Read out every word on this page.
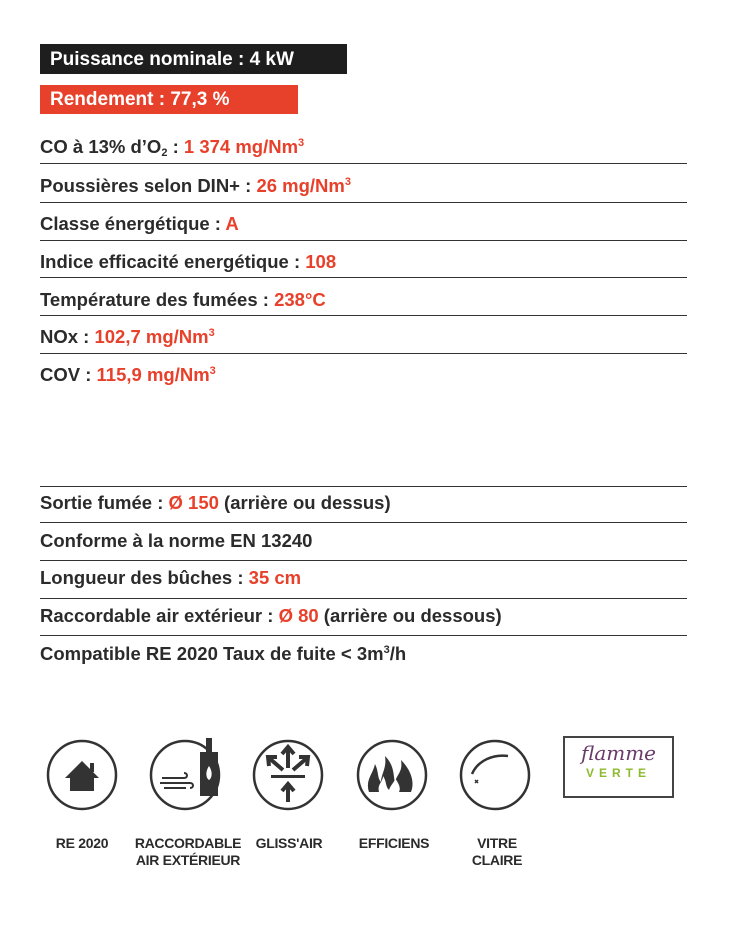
Puissance nominale : 4 kW
Rendement : 77,3 %
CO à 13% $d’O_2$ : 1 374 mg/Nm$^3$
Poussières selon DIN+ : 26 mg/Nm$^3$
Classe énergétique : A
Indice efficacité energétique : 108
Température des fumées : 238°C
NOx : 102,7 mg/Nm$^3$
COV : 115,9 mg/Nm$^3$
Sortie fumée : Ø 150 (arrière ou dessus)
Conforme à la norme EN 13240
Longueur des bûches : 35 cm
Raccordable air extérieur : Ø 80 (arrière ou dessous)
Compatible RE 2020 Taux de fuite < $3m^3/h$
RE 2020	RACCORDABLE
AIR EXTÉRIEUR
GLISS'AIR	EFFICIENS	VITRE
CLAIRE
flamme
VERTE
